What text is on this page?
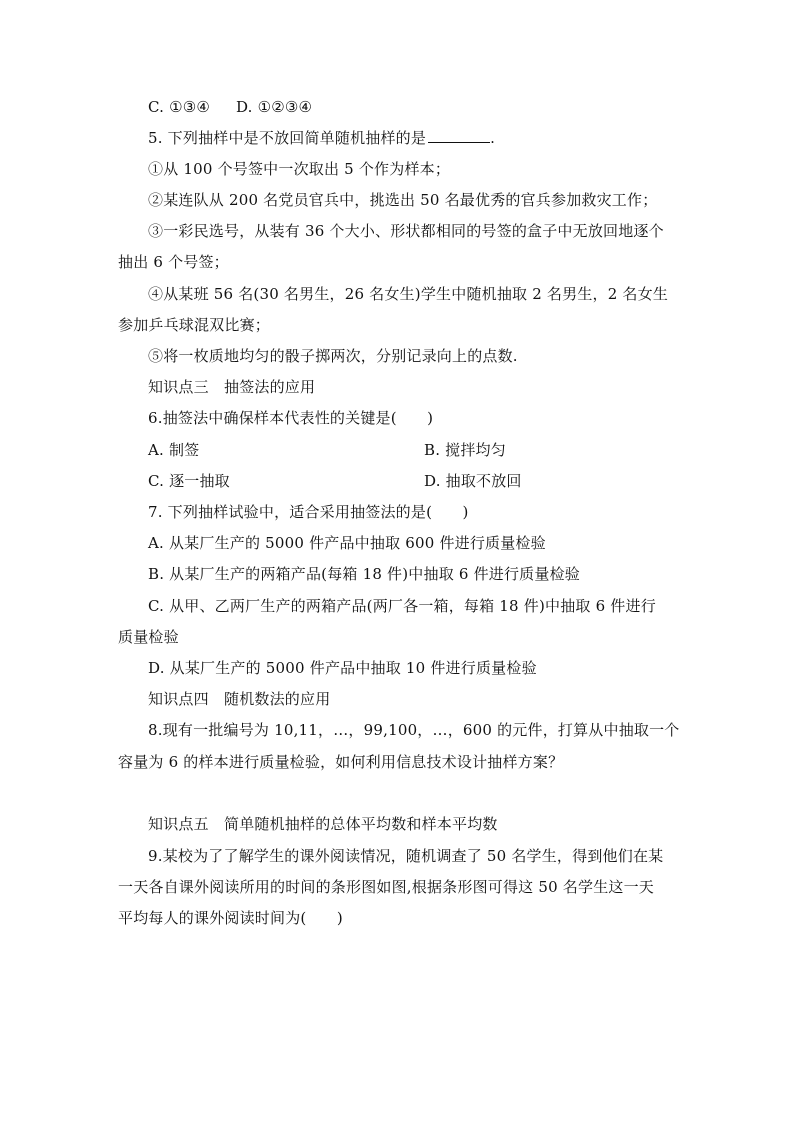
C. ①③④ D. ①②③④
5. 下列抽样中是不放回简单随机抽样的是	.
①从 100 个号签中一次取出 5 个作为样本；
②某连队从 200 名党员官兵中，挑选出 50 名最优秀的官兵参加救灾工作；
③一彩民选号，从装有 36 个大小、形状都相同的号签的盒子中无放回地逐个
抽出 6 个号签；
④从某班 56 名(30 名男生，26 名女生)学生中随机抽取 2 名男生，2 名女生
参加乒乓球混双比赛；
⑤将一枚质地均匀的骰子掷两次，分别记录向上的点数.
知识点三　抽签法的应用
6.抽签法中确保样本代表性的关键是(　　)
A. 制签	B. 搅拌均匀
C. 逐一抽取	D. 抽取不放回
7. 下列抽样试验中，适合采用抽签法的是(　　)
A. 从某厂生产的 5000 件产品中抽取 600 件进行质量检验
B. 从某厂生产的两箱产品(每箱 18 件)中抽取 6 件进行质量检验
C. 从甲、乙两厂生产的两箱产品(两厂各一箱，每箱 18 件)中抽取 6 件进行
质量检验
D. 从某厂生产的 5000 件产品中抽取 10 件进行质量检验
知识点四　随机数法的应用
8.现有一批编号为 10,11，…，99,100，…，600 的元件，打算从中抽取一个
容量为 6 的样本进行质量检验，如何利用信息技术设计抽样方案？
知识点五　简单随机抽样的总体平均数和样本平均数
9.某校为了了解学生的课外阅读情况，随机调查了 50 名学生，得到他们在某
一天各自课外阅读所用的时间的条形图如图,根据条形图可得这 50 名学生这一天
平均每人的课外阅读时间为(　　)
